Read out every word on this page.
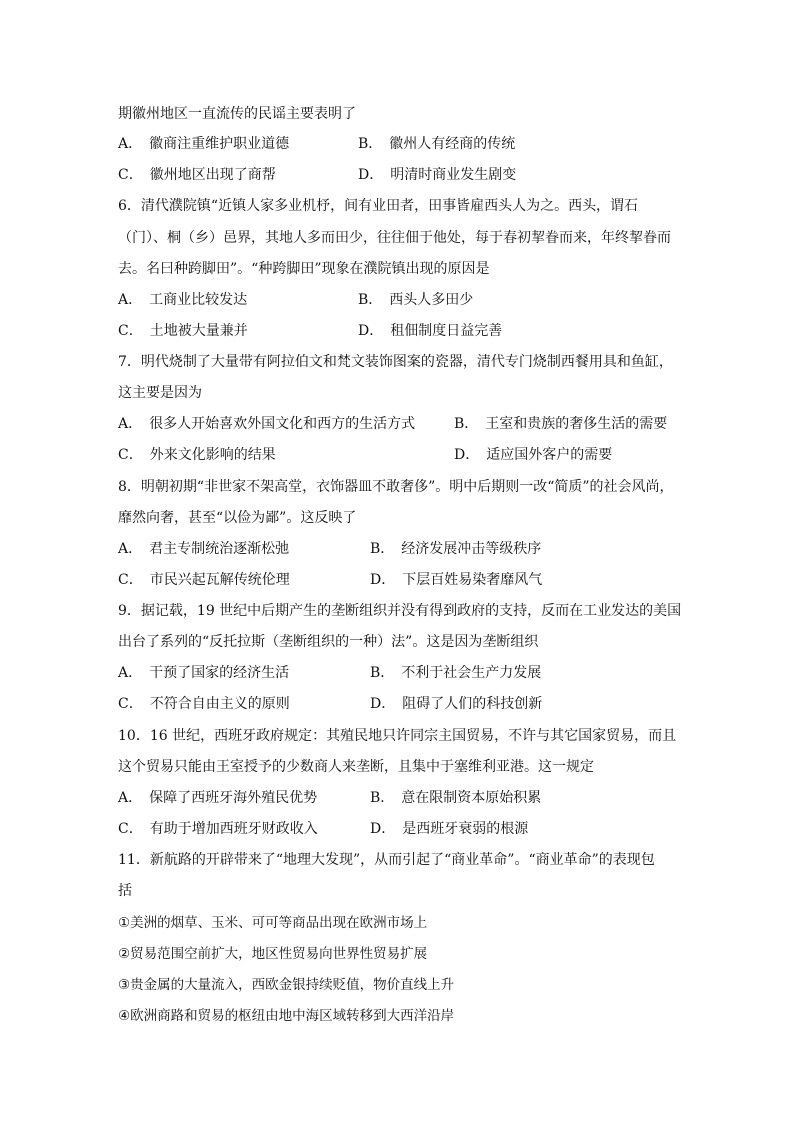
期徽州地区一直流传的民谣主要表明了
A．　徽商注重维护职业道德	B．　徽州人有经商的传统
C．　徽州地区出现了商帮	D．　明清时商业发生剧变
6．清代濮院镇“近镇人家多业机杼，间有业田者，田事皆雇西头人为之。西头，谓石
（门）、桐（乡）邑界，其地人多而田少，往往佃于他处，每于春初挈眷而来，年终挈眷而
去。名曰种跨脚田”。“种跨脚田”现象在濮院镇出现的原因是
A．　工商业比较发达	B．　西头人多田少
C．　土地被大量兼并	D．　租佃制度日益完善
7．明代烧制了大量带有阿拉伯文和梵文装饰图案的瓷器，清代专门烧制西餐用具和鱼缸，
这主要是因为
A．　很多人开始喜欢外国文化和西方的生活方式	B．　王室和贵族的奢侈生活的需要
C．　外来文化影响的结果	D．　适应国外客户的需要
8．明朝初期“非世家不架高堂，衣饰器皿不敢奢侈”。明中后期则一改“简质”的社会风尚，
靡然向奢，甚至“以俭为鄙”。这反映了
A．　君主专制统治逐渐松弛	B．　经济发展冲击等级秩序
C．　市民兴起瓦解传统伦理	D．　下层百姓易染奢靡风气
9．据记载，19 世纪中后期产生的垄断组织并没有得到政府的支持，反而在工业发达的美国
出台了系列的“反托拉斯（垄断组织的一种）法”。这是因为垄断组织
A．　干预了国家的经济生活	B．　不利于社会生产力发展
C．　不符合自由主义的原则	D．　阻碍了人们的科技创新
10．16 世纪，西班牙政府规定：其殖民地只许同宗主国贸易，不许与其它国家贸易，而且
这个贸易只能由王室授予的少数商人来垄断，且集中于塞维利亚港。这一规定
A．　保障了西班牙海外殖民优势	B．　意在限制资本原始积累
C．　有助于增加西班牙财政收入	D．　是西班牙衰弱的根源
11．新航路的开辟带来了“地理大发现”，从而引起了“商业革命”。“商业革命”的表现包
括
①美洲的烟草、玉米、可可等商品出现在欧洲市场上
②贸易范围空前扩大，地区性贸易向世界性贸易扩展
③贵金属的大量流入，西欧金银持续贬值，物价直线上升
④欧洲商路和贸易的枢纽由地中海区域转移到大西洋沿岸
